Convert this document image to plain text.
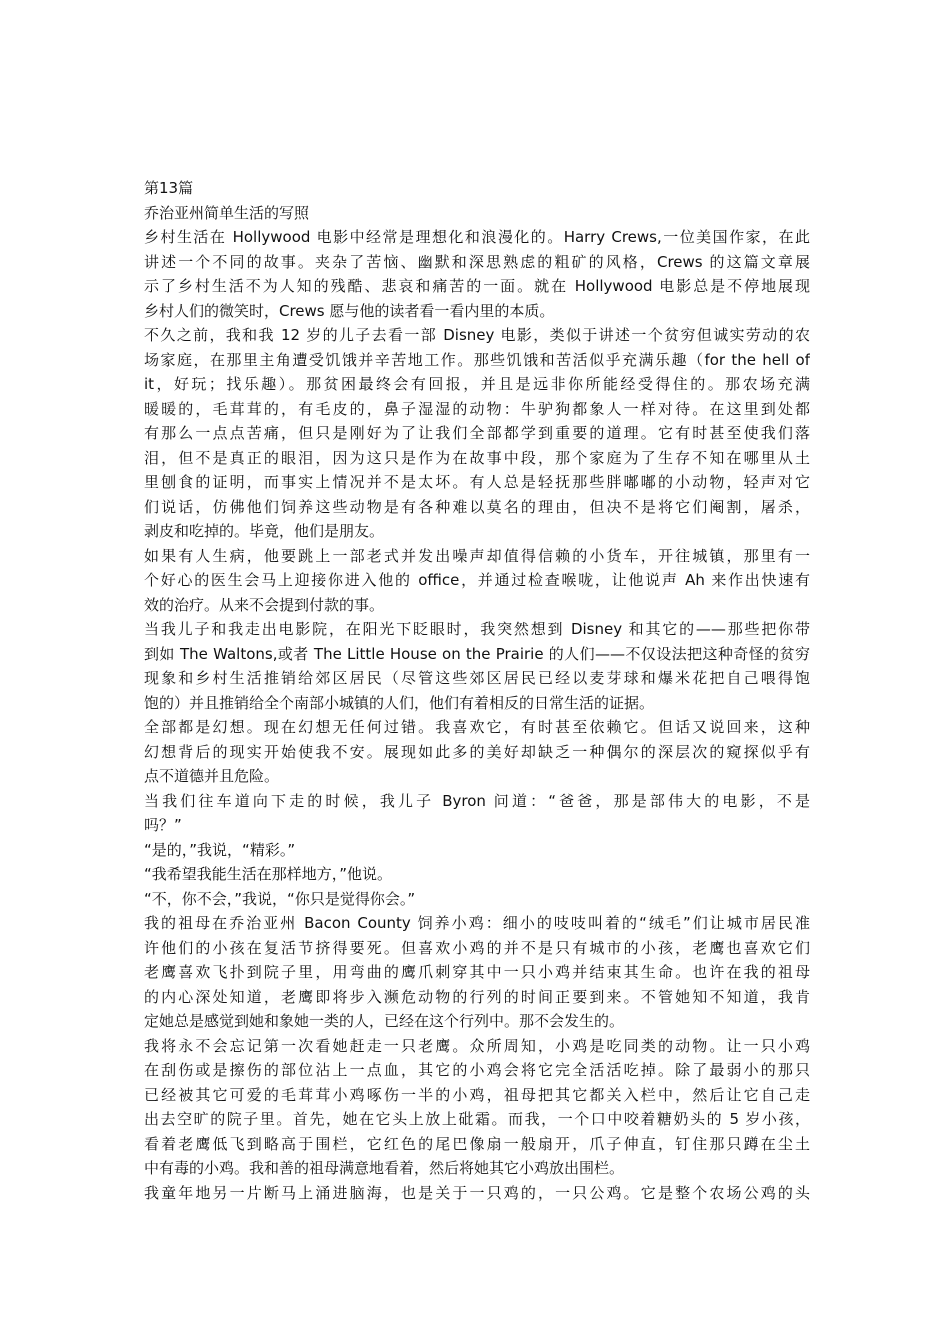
第13篇
乔治亚州简单生活的写照
乡村生活在 Hollywood 电影中经常是理想化和浪漫化的。Harry Crews,一位美国作家，在此
讲述一个不同的故事。夹杂了苦恼、幽默和深思熟虑的粗矿的风格，Crews 的这篇文章展
示了乡村生活不为人知的残酷、悲哀和痛苦的一面。就在 Hollywood 电影总是不停地展现
乡村人们的微笑时，Crews 愿与他的读者看一看内里的本质。
不久之前，我和我 12 岁的儿子去看一部 Disney 电影，类似于讲述一个贫穷但诚实劳动的农
场家庭，在那里主角遭受饥饿并辛苦地工作。那些饥饿和苦活似乎充满乐趣（for the hell of
it，好玩；找乐趣）。那贫困最终会有回报，并且是远非你所能经受得住的。那农场充满
暖暖的，毛茸茸的，有毛皮的，鼻子湿湿的动物：牛驴狗都象人一样对待。在这里到处都
有那么一点点苦痛，但只是刚好为了让我们全部都学到重要的道理。它有时甚至使我们落
泪，但不是真正的眼泪，因为这只是作为在故事中段，那个家庭为了生存不知在哪里从土
里刨食的证明，而事实上情况并不是太坏。有人总是轻抚那些胖嘟嘟的小动物，轻声对它
们说话，仿佛他们饲养这些动物是有各种难以莫名的理由，但决不是将它们阉割，屠杀，
剥皮和吃掉的。毕竟，他们是朋友。
如果有人生病，他要跳上一部老式并发出噪声却值得信赖的小货车，开往城镇，那里有一
个好心的医生会马上迎接你进入他的 office，并通过检查喉咙，让他说声 Ah 来作出快速有
效的治疗。从来不会提到付款的事。
当我儿子和我走出电影院，在阳光下眨眼时，我突然想到 Disney 和其它的——那些把你带
到如 The Waltons,或者 The Little House on the Prairie 的人们——不仅设法把这种奇怪的贫穷
现象和乡村生活推销给郊区居民（尽管这些郊区居民已经以麦芽球和爆米花把自己喂得饱
饱的）并且推销给全个南部小城镇的人们，他们有着相反的日常生活的证据。
全部都是幻想。现在幻想无任何过错。我喜欢它，有时甚至依赖它。但话又说回来，这种
幻想背后的现实开始使我不安。展现如此多的美好却缺乏一种偶尔的深层次的窥探似乎有
点不道德并且危险。
当我们往车道向下走的时候，我儿子 Byron 问道：“爸爸，那是部伟大的电影，不是
吗？”
“是的，”我说，“精彩。”
“我希望我能生活在那样地方，”他说。
“不，你不会，”我说，“你只是觉得你会。”
我的祖母在乔治亚州 Bacon County 饲养小鸡：细小的吱吱叫着的“绒毛”们让城市居民准
许他们的小孩在复活节挤得要死。但喜欢小鸡的并不是只有城市的小孩，老鹰也喜欢它们
老鹰喜欢飞扑到院子里，用弯曲的鹰爪刺穿其中一只小鸡并结束其生命。也许在我的祖母
的内心深处知道，老鹰即将步入濒危动物的行列的时间正要到来。不管她知不知道，我肯
定她总是感觉到她和象她一类的人，已经在这个行列中。那不会发生的。
我将永不会忘记第一次看她赶走一只老鹰。众所周知，小鸡是吃同类的动物。让一只小鸡
在刮伤或是擦伤的部位沾上一点血，其它的小鸡会将它完全活活吃掉。除了最弱小的那只
已经被其它可爱的毛茸茸小鸡啄伤一半的小鸡，祖母把其它都关入栏中，然后让它自己走
出去空旷的院子里。首先，她在它头上放上砒霜。而我，一个口中咬着糖奶头的 5 岁小孩，
看着老鹰低飞到略高于围栏，它红色的尾巴像扇一般扇开，爪子伸直，钉住那只蹲在尘土
中有毒的小鸡。我和善的祖母满意地看着，然后将她其它小鸡放出围栏。
我童年地另一片断马上涌进脑海，也是关于一只鸡的，一只公鸡。它是整个农场公鸡的头
